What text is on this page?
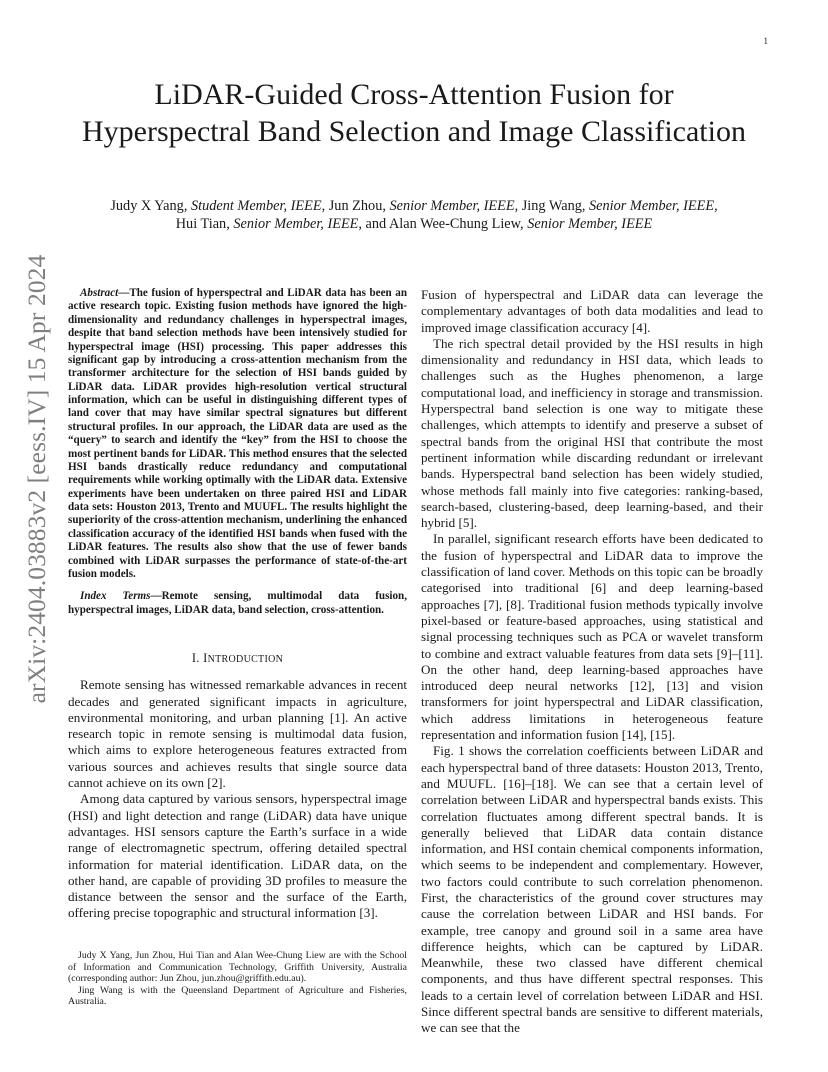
1
arXiv:2404.03883v2 [eess.IV] 15 Apr 2024
LiDAR-Guided Cross-Attention Fusion for Hyperspectral Band Selection and Image Classification
Judy X Yang, Student Member, IEEE, Jun Zhou, Senior Member, IEEE, Jing Wang, Senior Member, IEEE,
Hui Tian, Senior Member, IEEE, and Alan Wee-Chung Liew, Senior Member, IEEE

Abstract—The fusion of hyperspectral and LiDAR data has been an active research topic. Existing fusion methods have ignored the high-dimensionality and redundancy challenges in hyperspectral images, despite that band selection methods have been intensively studied for hyperspectral image (HSI) processing. This paper addresses this significant gap by introducing a cross-attention mechanism from the transformer architecture for the selection of HSI bands guided by LiDAR data. LiDAR provides high-resolution vertical structural information, which can be useful in distinguishing different types of land cover that may have similar spectral signatures but different structural profiles. In our approach, the LiDAR data are used as the “query” to search and identify the “key” from the HSI to choose the most pertinent bands for LiDAR. This method ensures that the selected HSI bands drastically reduce redundancy and computational requirements while working optimally with the LiDAR data. Extensive experiments have been undertaken on three paired HSI and LiDAR data sets: Houston 2013, Trento and MUUFL. The results highlight the superiority of the cross-attention mechanism, underlining the enhanced classification accuracy of the identified HSI bands when fused with the LiDAR features. The results also show that the use of fewer bands combined with LiDAR surpasses the performance of state-of-the-art fusion models.

Index Terms—Remote sensing, multimodal data fusion, hyperspectral images, LiDAR data, band selection, cross-attention.

I. INTRODUCTION

Remote sensing has witnessed remarkable advances in recent decades and generated significant impacts in agriculture, environmental monitoring, and urban planning [1]. An active research topic in remote sensing is multimodal data fusion, which aims to explore heterogeneous features extracted from various sources and achieves results that single source data cannot achieve on its own [2].

Among data captured by various sensors, hyperspectral image (HSI) and light detection and range (LiDAR) data have unique advantages. HSI sensors capture the Earth’s surface in a wide range of electromagnetic spectrum, offering detailed spectral information for material identification. LiDAR data, on the other hand, are capable of providing 3D profiles to measure the distance between the sensor and the surface of the Earth, offering precise topographic and structural information [3].

Judy X Yang, Jun Zhou, Hui Tian and Alan Wee-Chung Liew are with the School of Information and Communication Technology, Griffith University, Australia (corresponding author: Jun Zhou, jun.zhou@griffith.edu.au).

Jing Wang is with the Queensland Department of Agriculture and Fisheries, Australia.

Fusion of hyperspectral and LiDAR data can leverage the complementary advantages of both data modalities and lead to improved image classification accuracy [4].

The rich spectral detail provided by the HSI results in high dimensionality and redundancy in HSI data, which leads to challenges such as the Hughes phenomenon, a large computational load, and inefficiency in storage and transmission. Hyperspectral band selection is one way to mitigate these challenges, which attempts to identify and preserve a subset of spectral bands from the original HSI that contribute the most pertinent information while discarding redundant or irrelevant bands. Hyperspectral band selection has been widely studied, whose methods fall mainly into five categories: ranking-based, search-based, clustering-based, deep learning-based, and their hybrid [5].

In parallel, significant research efforts have been dedicated to the fusion of hyperspectral and LiDAR data to improve the classification of land cover. Methods on this topic can be broadly categorised into traditional [6] and deep learning-based approaches [7], [8]. Traditional fusion methods typically involve pixel-based or feature-based approaches, using statistical and signal processing techniques such as PCA or wavelet transform to combine and extract valuable features from data sets [9]–[11]. On the other hand, deep learning-based approaches have introduced deep neural networks [12], [13] and vision transformers for joint hyperspectral and LiDAR classification, which address limitations in heterogeneous feature representation and information fusion [14], [15].

Fig. 1 shows the correlation coefficients between LiDAR and each hyperspectral band of three datasets: Houston 2013, Trento, and MUUFL. [16]–[18]. We can see that a certain level of correlation between LiDAR and hyperspectral bands exists. This correlation fluctuates among different spectral bands. It is generally believed that LiDAR data contain distance information, and HSI contain chemical components information, which seems to be independent and complementary. However, two factors could contribute to such correlation phenomenon. First, the characteristics of the ground cover structures may cause the correlation between LiDAR and HSI bands. For example, tree canopy and ground soil in a same area have difference heights, which can be captured by LiDAR. Meanwhile, these two classed have different chemical components, and thus have different spectral responses. This leads to a certain level of correlation between LiDAR and HSI. Since different spectral bands are sensitive to different materials, we can see that the
